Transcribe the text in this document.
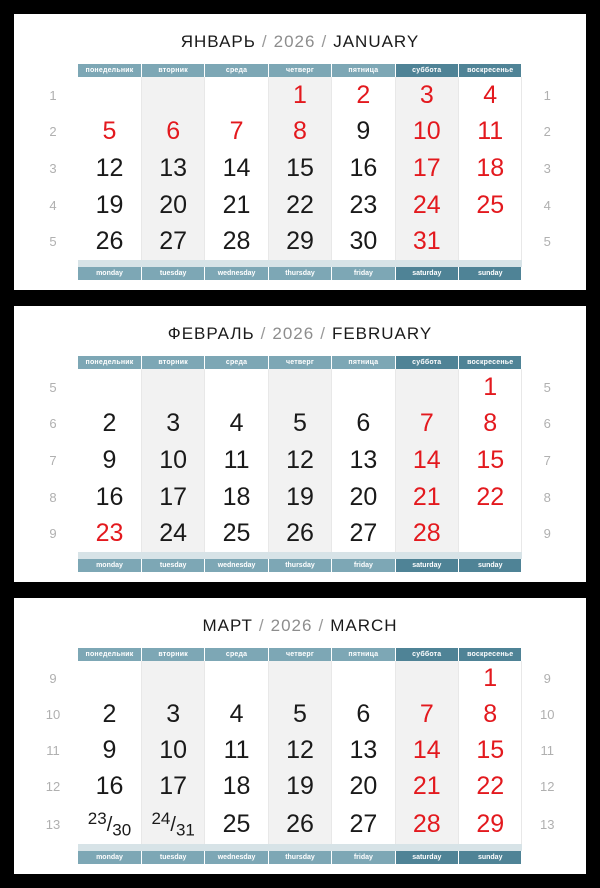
ЯНВАРЬ / 2026 / JANUARY
	понедельник	вторник	среда	четверг	пятница	суббота	воскресенье	
1				1	2	3	4	1
2	5	6	7	8	9	10	11	2
3	12	13	14	15	16	17	18	3
4	19	20	21	22	23	24	25	4
5	26	27	28	29	30	31		5

	monday	tuesday	wednesday	thursday	friday	saturday	sunday	
ФЕВРАЛЬ / 2026 / FEBRUARY
	понедельник	вторник	среда	четверг	пятница	суббота	воскресенье	
5							1	5
6	2	3	4	5	6	7	8	6
7	9	10	11	12	13	14	15	7
8	16	17	18	19	20	21	22	8
9	23	24	25	26	27	28		9

	monday	tuesday	wednesday	thursday	friday	saturday	sunday	
МАРТ / 2026 / MARCH
	понедельник	вторник	среда	четверг	пятница	суббота	воскресенье	
9							1	9
10	2	3	4	5	6	7	8	10
11	9	10	11	12	13	14	15	11
12	16	17	18	19	20	21	22	12
13	$^{23}/_{30}$	$^{24}/_{31}$	25	26	27	28	29	13

	monday	tuesday	wednesday	thursday	friday	saturday	sunday	
